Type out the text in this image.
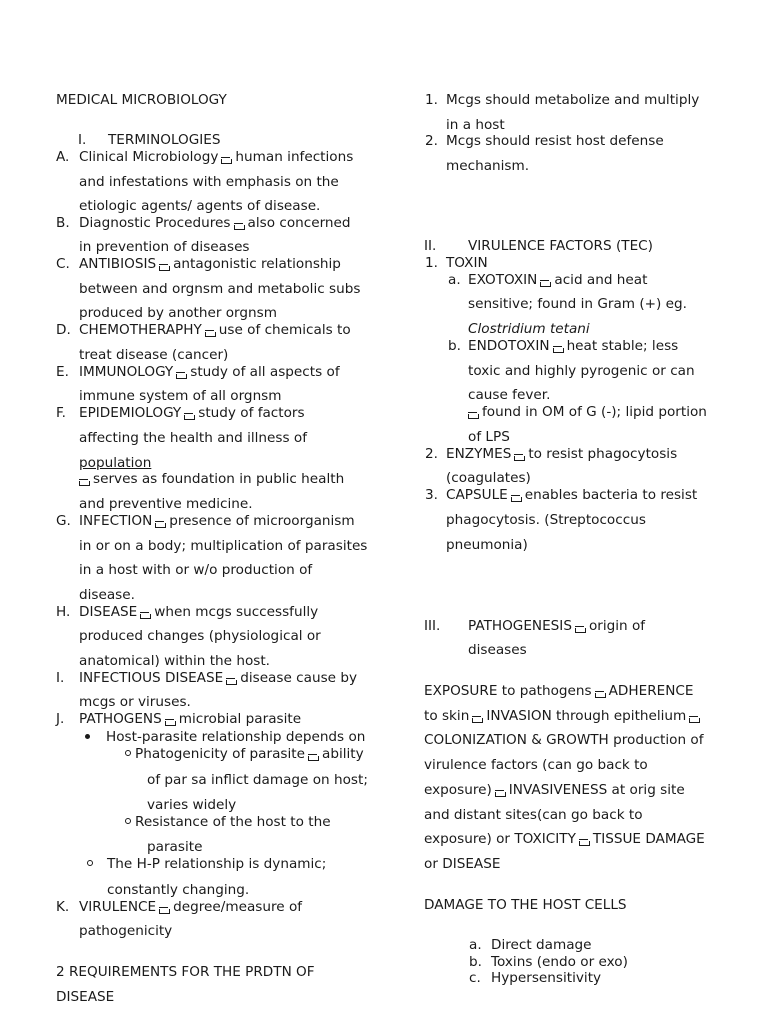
MEDICAL MICROBIOLOGY
I. TERMINOLOGIES
A. Clinical Microbiology human infections
and infestations with emphasis on the
etiologic agents/ agents of disease.
B. Diagnostic Procedures also concerned
in prevention of diseases
C. ANTIBIOSIS antagonistic relationship
between and orgnsm and metabolic subs
produced by another orgnsm
D. CHEMOTHERAPHY use of chemicals to
treat disease (cancer)
E. IMMUNOLOGY study of all aspects of
immune system of all orgnsm
F. EPIDEMIOLOGY study of factors
affecting the health and illness of
population
serves as foundation in public health
and preventive medicine.
G. INFECTION presence of microorganism
in or on a body; multiplication of parasites
in a host with or w/o production of
disease.
H. DISEASE when mcgs successfully
produced changes (physiological or
anatomical) within the host.
I. INFECTIOUS DISEASE disease cause by
mcgs or viruses.
J. PATHOGENS microbial parasite
Host-parasite relationship depends on
Phatogenicity of parasite ability
of par sa inflict damage on host;
varies widely
Resistance of the host to the
parasite
The H-P relationship is dynamic;
constantly changing.
K. VIRULENCE degree/measure of
pathogenicity
2 REQUIREMENTS FOR THE PRDTN OF
DISEASE
1. Mcgs should metabolize and multiply
in a host
2. Mcgs should resist host defense
mechanism.
II. VIRULENCE FACTORS (TEC)
1. TOXIN
a. EXOTOXIN acid and heat
sensitive; found in Gram (+) eg.
Clostridium tetani
b. ENDOTOXIN heat stable; less
toxic and highly pyrogenic or can
cause fever.
found in OM of G (-); lipid portion
of LPS
2. ENZYMES to resist phagocytosis
(coagulates)
3. CAPSULE enables bacteria to resist
phagocytosis. (Streptococcus
pneumonia)
III. PATHOGENESIS origin of
diseases
EXPOSURE to pathogens ADHERENCE
to skin INVASION through epithelium
COLONIZATION & GROWTH production of
virulence factors (can go back to
exposure) INVASIVENESS at orig site
and distant sites(can go back to
exposure) or TOXICITY TISSUE DAMAGE
or DISEASE
DAMAGE TO THE HOST CELLS
a. Direct damage
b. Toxins (endo or exo)
c. Hypersensitivity
